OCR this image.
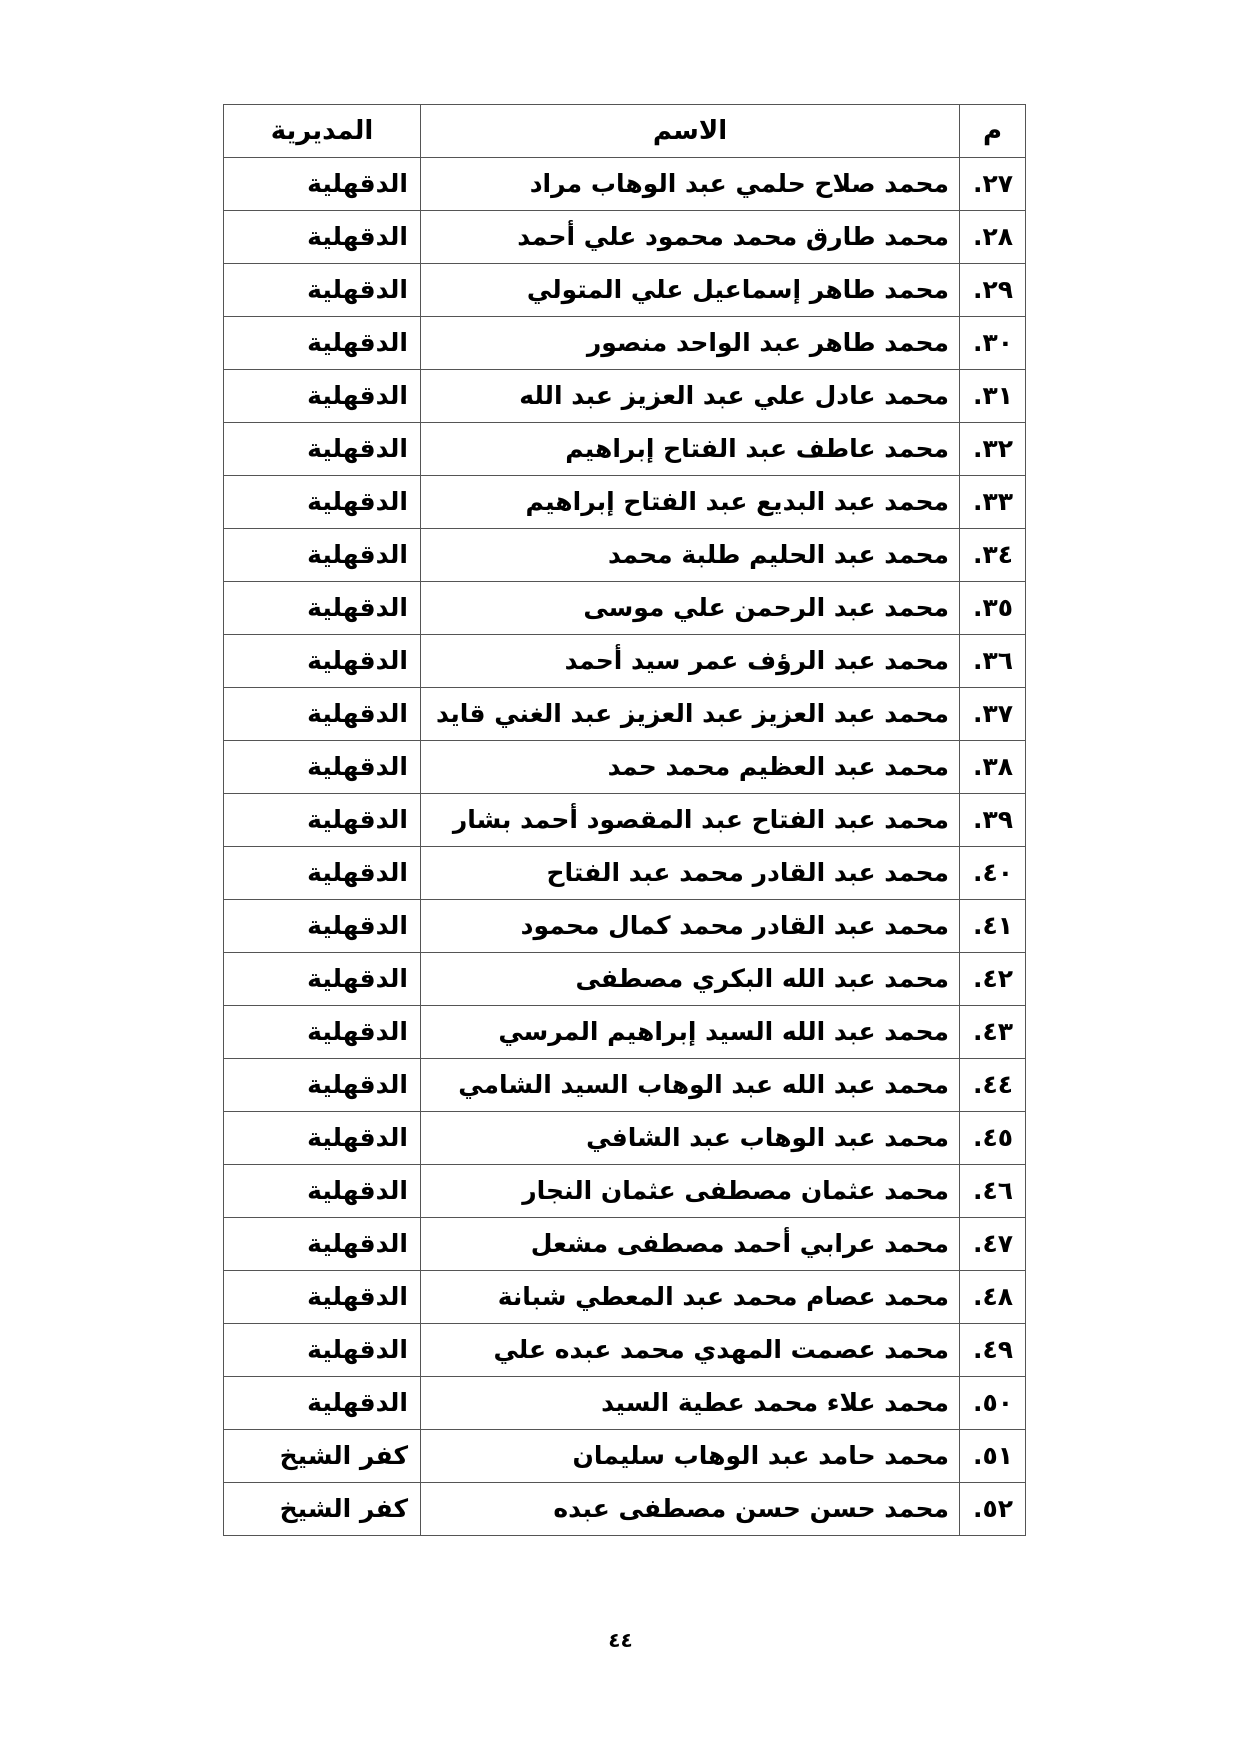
م	الاسم	المديرية
٢٧.	محمد صلاح حلمي عبد الوهاب مراد	الدقهلية
٢٨.	محمد طارق محمد محمود علي أحمد	الدقهلية
٢٩.	محمد طاهر إسماعيل علي المتولي	الدقهلية
٣٠.	محمد طاهر عبد الواحد منصور	الدقهلية
٣١.	محمد عادل علي عبد العزيز عبد الله	الدقهلية
٣٢.	محمد عاطف عبد الفتاح إبراهيم	الدقهلية
٣٣.	محمد عبد البديع عبد الفتاح إبراهيم	الدقهلية
٣٤.	محمد عبد الحليم طلبة محمد	الدقهلية
٣٥.	محمد عبد الرحمن علي موسى	الدقهلية
٣٦.	محمد عبد الرؤف عمر سيد أحمد	الدقهلية
٣٧.	محمد عبد العزيز عبد العزيز عبد الغني قايد	الدقهلية
٣٨.	محمد عبد العظيم محمد حمد	الدقهلية
٣٩.	محمد عبد الفتاح عبد المقصود أحمد بشار	الدقهلية
٤٠.	محمد عبد القادر محمد عبد الفتاح	الدقهلية
٤١.	محمد عبد القادر محمد كمال محمود	الدقهلية
٤٢.	محمد عبد الله البكري مصطفى	الدقهلية
٤٣.	محمد عبد الله السيد إبراهيم المرسي	الدقهلية
٤٤.	محمد عبد الله عبد الوهاب السيد الشامي	الدقهلية
٤٥.	محمد عبد الوهاب عبد الشافي	الدقهلية
٤٦.	محمد عثمان مصطفى عثمان النجار	الدقهلية
٤٧.	محمد عرابي أحمد مصطفى مشعل	الدقهلية
٤٨.	محمد عصام محمد عبد المعطي شبانة	الدقهلية
٤٩.	محمد عصمت المهدي محمد عبده علي	الدقهلية
٥٠.	محمد علاء محمد عطية السيد	الدقهلية
٥١.	محمد حامد عبد الوهاب سليمان	كفر الشيخ
٥٢.	محمد حسن حسن مصطفى عبده	كفر الشيخ
٤٤
